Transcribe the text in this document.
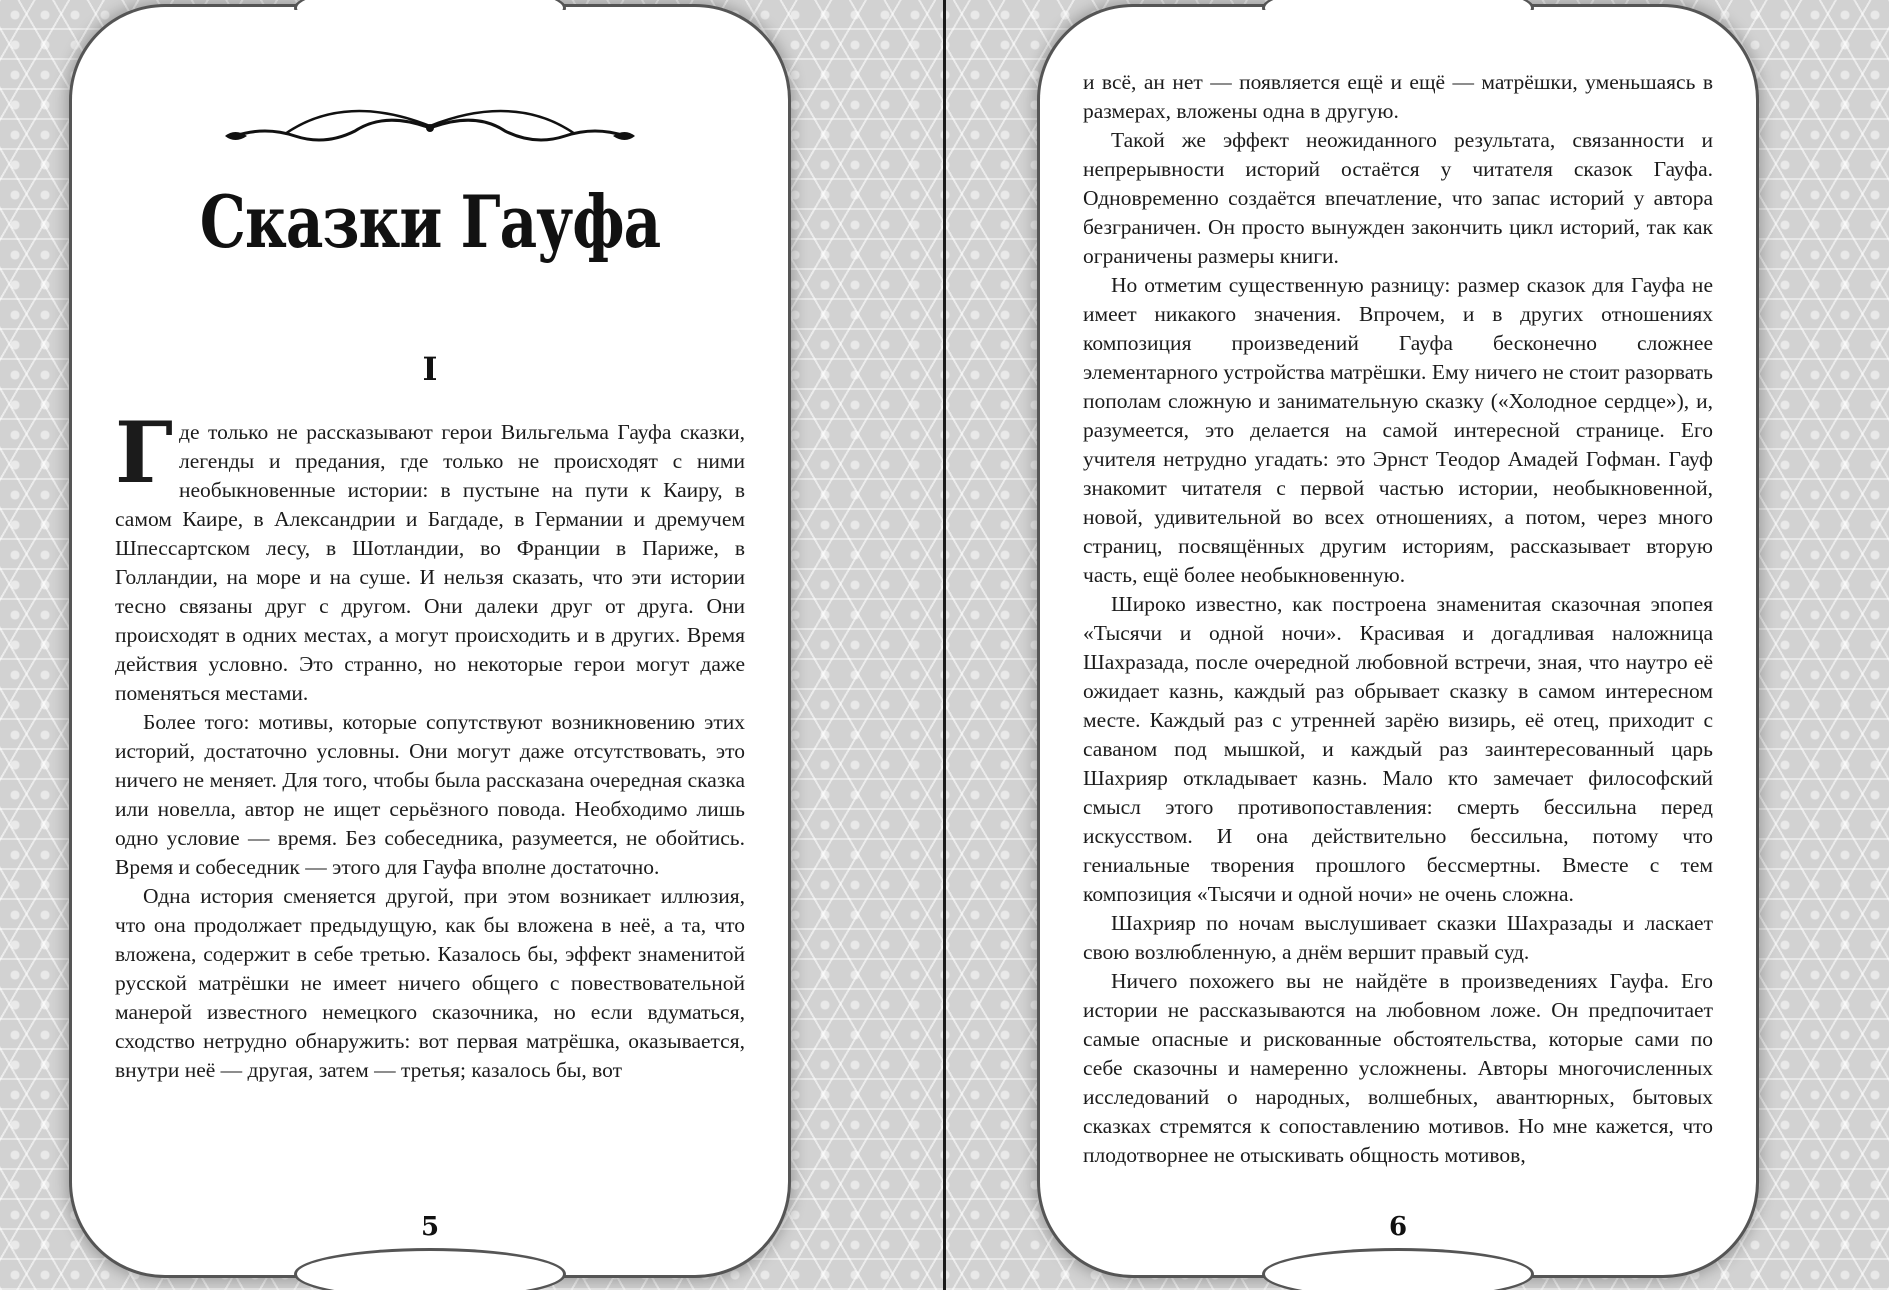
Сказки Гауфа
I

Где только не рассказывают герои Вильгельма Гауфа сказки, легенды и предания, где только не происходят с ними необыкновенные истории: в пустыне на пути к Каиру, в самом Каире, в Александрии и Багдаде, в Германии и дремучем Шпессартском лесу, в Шотландии, во Франции в Париже, в Голландии, на море и на суше. И нельзя сказать, что эти истории тесно связаны друг с другом. Они далеки друг от друга. Они происходят в одних местах, а могут происходить и в других. Время действия условно. Это странно, но некоторые герои могут даже поменяться местами.

Более того: мотивы, которые сопутствуют возникновению этих историй, достаточно условны. Они могут даже отсутствовать, это ничего не меняет. Для того, чтобы была рассказана очередная сказка или новелла, автор не ищет серьёзного повода. Необходимо лишь одно условие — время. Без собеседника, разумеется, не обойтись. Время и собеседник — этого для Гауфа вполне достаточно.

Одна история сменяется другой, при этом возникает иллюзия, что она продолжает предыдущую, как бы вложена в неё, а та, что вложена, содержит в себе третью. Казалось бы, эффект знаменитой русской матрёшки не имеет ничего общего с повествовательной манерой известного немецкого сказочника, но если вдуматься, сходство нетрудно обнаружить: вот первая матрёшка, оказывается, внутри неё — другая, затем — третья; казалось бы, вот

5

и всё, ан нет — появляется ещё и ещё — матрёшки, уменьшаясь в размерах, вложены одна в другую.

Такой же эффект неожиданного результата, связанности и непрерывности историй остаётся у читателя сказок Гауфа. Одновременно создаётся впечатление, что запас историй у автора безграничен. Он просто вынужден закончить цикл историй, так как ограничены размеры книги.

Но отметим существенную разницу: размер сказок для Гауфа не имеет никакого значения. Впрочем, и в других отношениях композиция произведений Гауфа бесконечно сложнее элементарного устройства матрёшки. Ему ничего не стоит разорвать пополам сложную и занимательную сказку («Холодное сердце»), и, разумеется, это делается на самой интересной странице. Его учителя нетрудно угадать: это Эрнст Теодор Амадей Гофман. Гауф знакомит читателя с первой частью истории, необыкновенной, новой, удивительной во всех отношениях, а потом, через много страниц, посвящённых другим историям, рассказывает вторую часть, ещё более необыкновенную.

Широко известно, как построена знаменитая сказочная эпопея «Тысячи и одной ночи». Красивая и догадливая наложница Шахразада, после очередной любовной встречи, зная, что наутро её ожидает казнь, каждый раз обрывает сказку в самом интересном месте. Каждый раз с утренней зарёю визирь, её отец, приходит с саваном под мышкой, и каждый раз заинтересованный царь Шахрияр откладывает казнь. Мало кто замечает философский смысл этого противопоставления: смерть бессильна перед искусством. И она действительно бессильна, потому что гениальные творения прошлого бессмертны. Вместе с тем композиция «Тысячи и одной ночи» не очень сложна.

Шахрияр по ночам выслушивает сказки Шахразады и ласкает свою возлюбленную, а днём вершит правый суд.

Ничего похожего вы не найдёте в произведениях Гауфа. Его истории не рассказываются на любовном ложе. Он предпочитает самые опасные и рискованные обстоятельства, которые сами по себе сказочны и намеренно усложнены. Авторы многочисленных исследований о народных, волшебных, авантюрных, бытовых сказках стремятся к сопоставлению мотивов. Но мне кажется, что плодотворнее не отыскивать общность мотивов,

6
